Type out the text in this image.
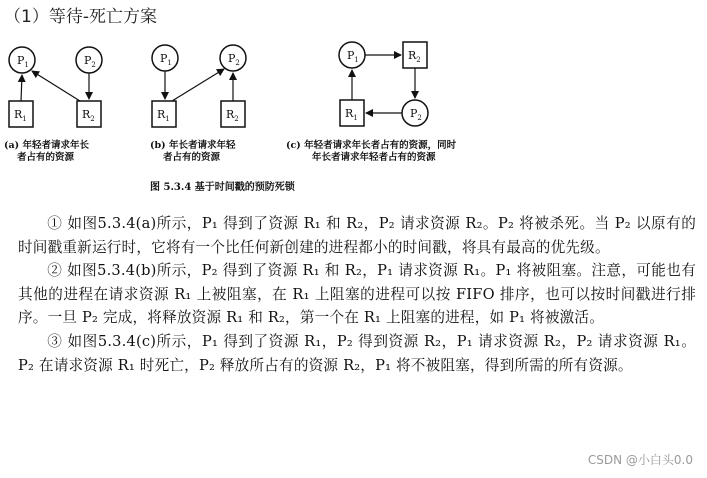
（1）等待-死亡方案
$P_1$	$P_2$
$R_1$	$R_2$
$P_1$	$P_2$
$R_1$	$R_2$
$P_1$	$R_2$
$R_1$	$P_2$
(a) 年轻者请求年长
者占有的资源
(b) 年长者请求年轻
者占有的资源
(c) 年轻者请求年长者占有的资源，同时
年长者请求年轻者占有的资源
图 5.3.4 基于时间戳的预防死锁

① 如图5.3.4(a)所示，P₁ 得到了资源 R₁ 和 R₂，P₂ 请求资源 R₂。P₂ 将被杀死。当 P₂ 以原有的时间戳重新运行时，它将有一个比任何新创建的进程都小的时间戳，将具有最高的优先级。

② 如图5.3.4(b)所示，P₂ 得到了资源 R₁ 和 R₂，P₁ 请求资源 R₁。P₁ 将被阻塞。注意，可能也有其他的进程在请求资源 R₁ 上被阻塞，在 R₁ 上阻塞的进程可以按 FIFO 排序，也可以按时间戳进行排序。一旦 P₂ 完成，将释放资源 R₁ 和 R₂，第一个在 R₁ 上阻塞的进程，如 P₁ 将被激活。

③ 如图5.3.4(c)所示，P₁ 得到了资源 R₁，P₂ 得到资源 R₂，P₁ 请求资源 R₂，P₂ 请求资源 R₁。P₂ 在请求资源 R₁ 时死亡，P₂ 释放所占有的资源 R₂，P₁ 将不被阻塞，得到所需的所有资源。

CSDN @小白头0.0
